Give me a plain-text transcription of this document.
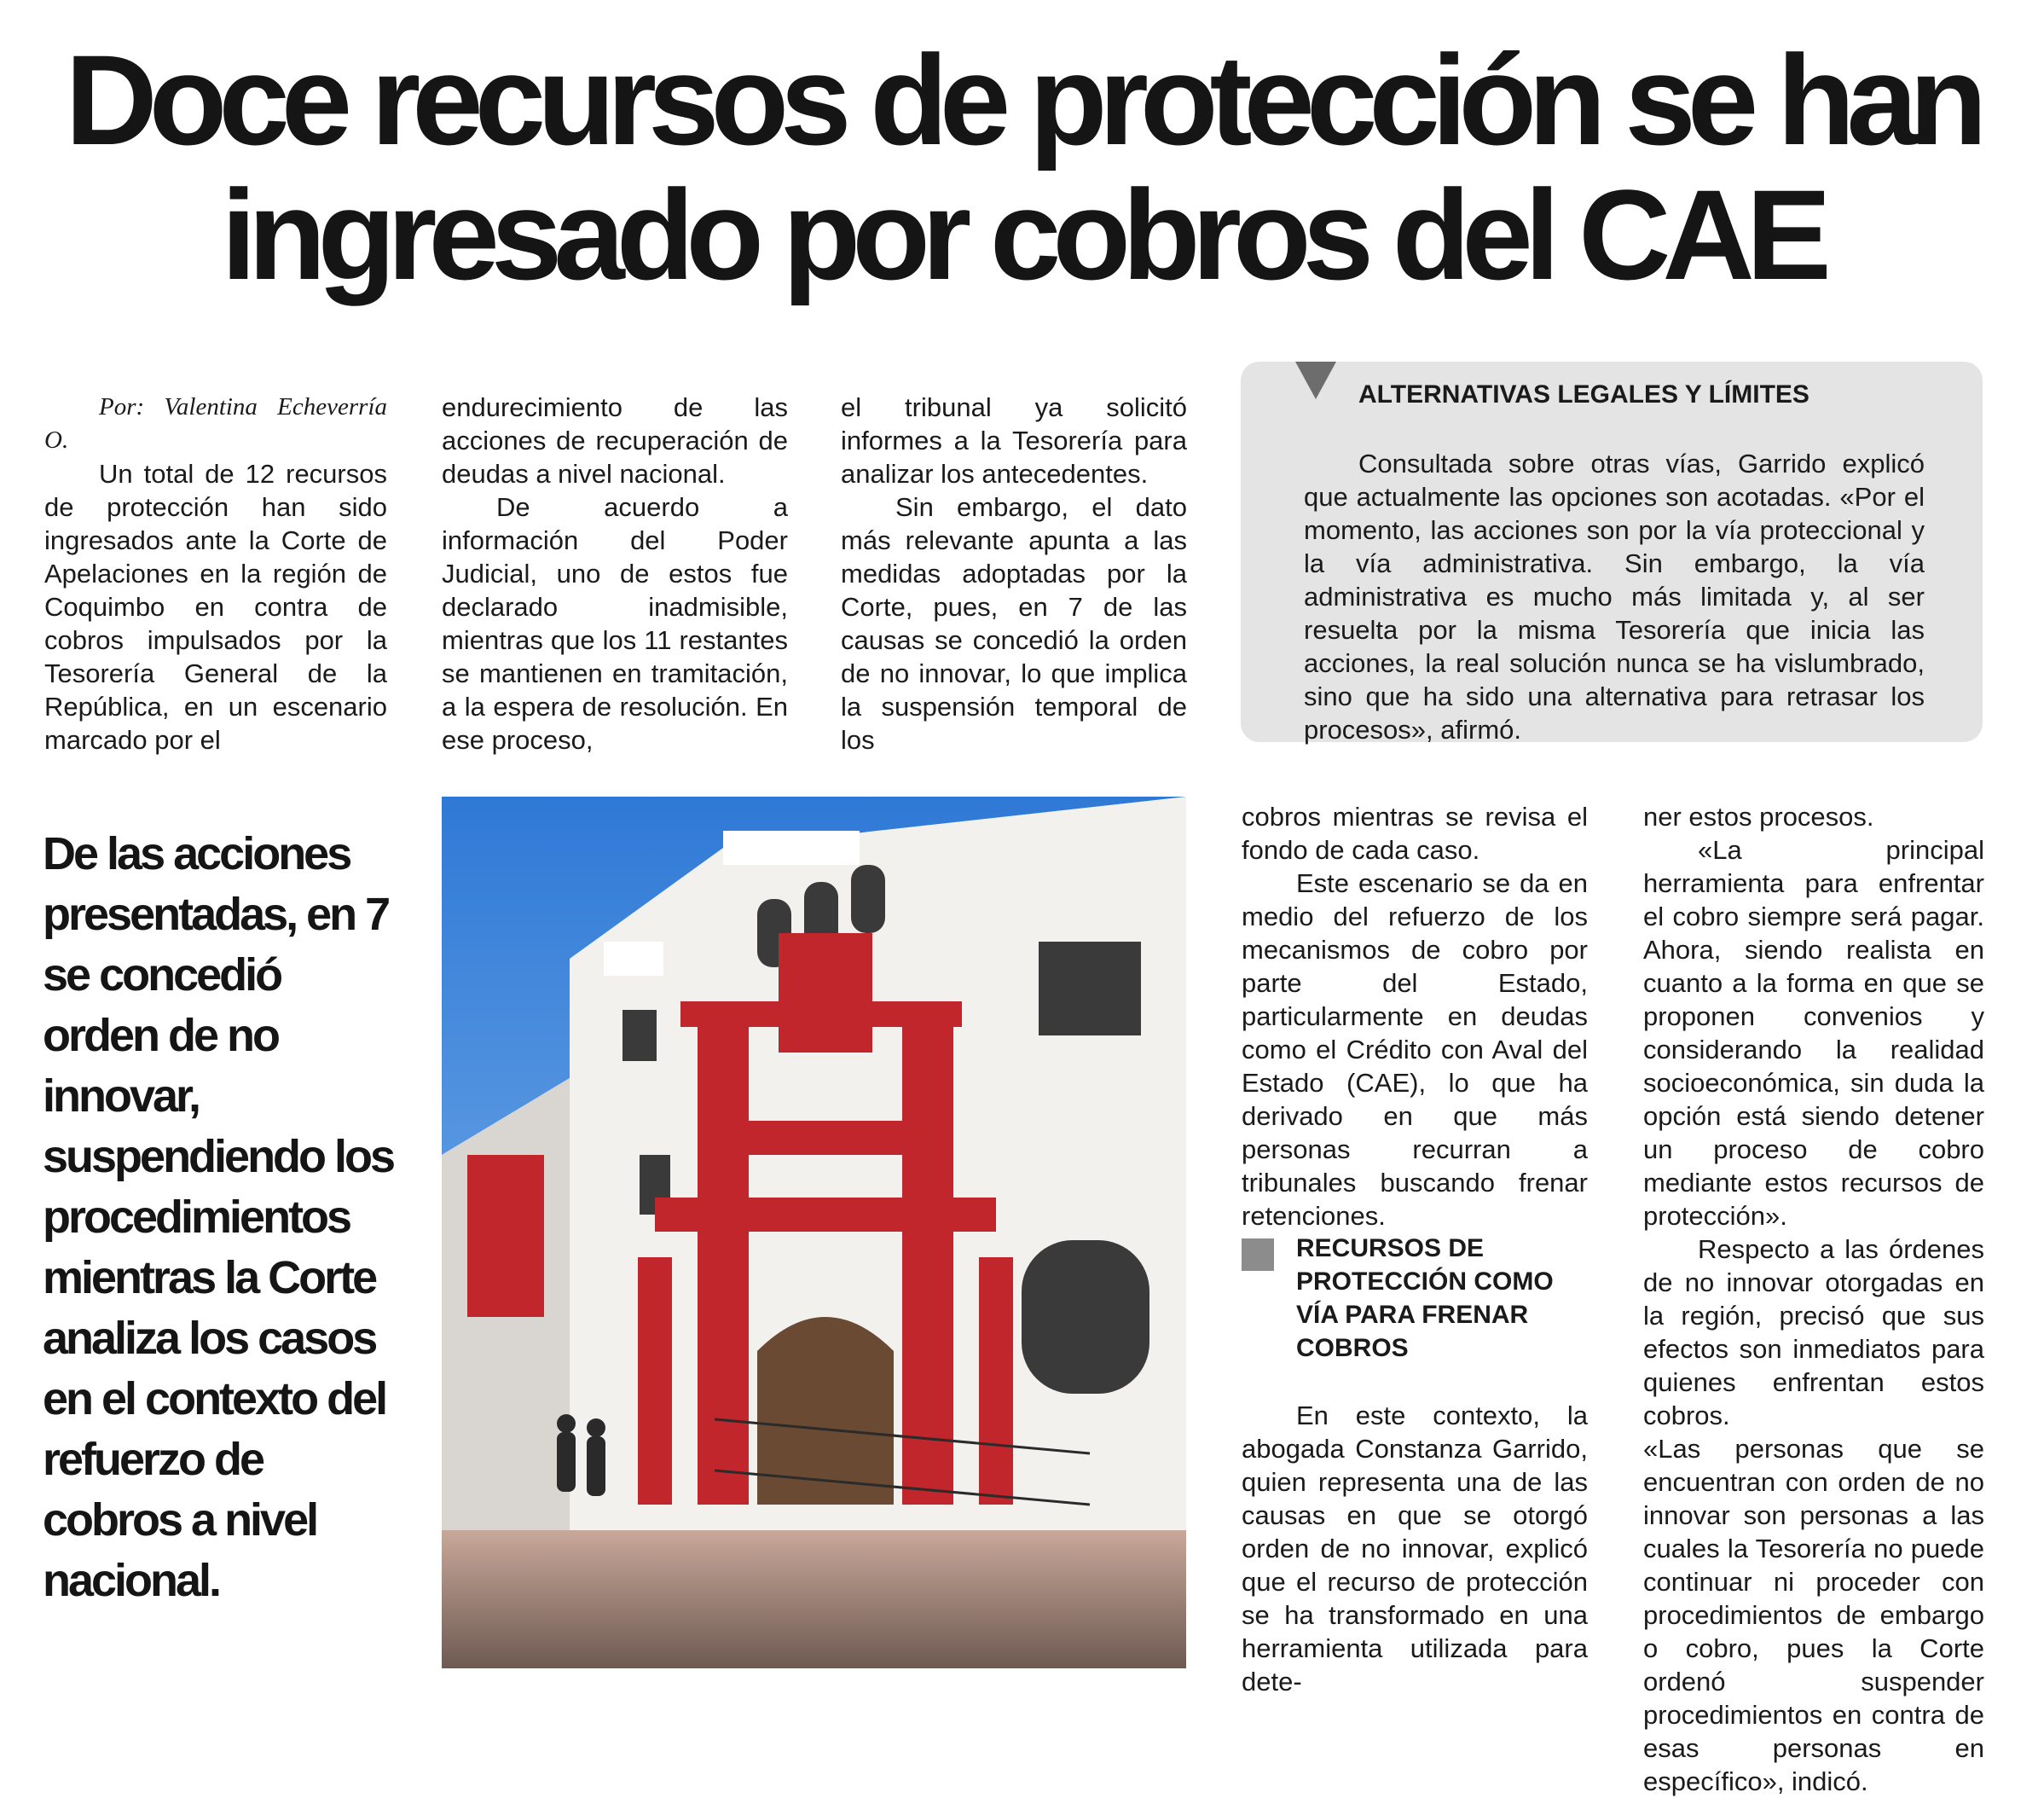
Doce recursos de protección se han
ingresado por cobros del CAE

Por: Valentina Echeverría O.

Un total de 12 recursos de protección han sido ingresados ante la Corte de Apelaciones en la región de Coquimbo en contra de cobros impulsados por la Tesorería General de la República, en un escenario marcado por el

endurecimiento de las acciones de recuperación de deudas a nivel nacional.

De acuerdo a información del Poder Judicial, uno de estos fue declarado inadmisible, mientras que los 11 restantes se mantienen en tramitación, a la espera de resolución. En ese proceso,

el tribunal ya solicitó informes a la Tesorería para analizar los antecedentes.

Sin embargo, el dato más relevante apunta a las medidas adoptadas por la Corte, pues, en 7 de las causas se concedió la orden de no innovar, lo que implica la suspensión temporal de los

ALTERNATIVAS LEGALES Y LÍMITES

Consultada sobre otras vías, Garrido explicó que actualmente las opciones son acotadas. «Por el momento, las acciones son por la vía proteccional y la vía administrativa. Sin embargo, la vía administrativa es mucho más limitada y, al ser resuelta por la misma Tesorería que inicia las acciones, la real solución nunca se ha vislumbrado, sino que ha sido una alternativa para retrasar los procesos», afirmó.

De las acciones presentadas, en 7 se concedió orden de no innovar, suspendiendo los procedimientos mientras la Corte analiza los casos en el contexto del refuerzo de cobros a nivel nacional.

cobros mientras se revisa el fondo de cada caso.

Este escenario se da en medio del refuerzo de los mecanismos de cobro por parte del Estado, particularmente en deudas como el Crédito con Aval del Estado (CAE), lo que ha derivado en que más personas recurran a tribunales buscando frenar retenciones.

RECURSOS DE
PROTECCIÓN COMO
VÍA PARA FRENAR
COBROS

En este contexto, la abogada Constanza Garrido, quien representa una de las causas en que se otorgó orden de no innovar, explicó que el recurso de protección se ha transformado en una herramienta utilizada para dete-

ner estos procesos.

«La principal herramienta para enfrentar el cobro siempre será pagar. Ahora, siendo realista en cuanto a la forma en que se proponen convenios y considerando la realidad socioeconómica, sin duda la opción está siendo detener un proceso de cobro mediante estos recursos de protección».

Respecto a las órdenes de no innovar otorgadas en la región, precisó que sus efectos son inmediatos para quienes enfrentan estos cobros.

«Las personas que se encuentran con orden de no innovar son personas a las cuales la Tesorería no puede continuar ni proceder con procedimientos de embargo o cobro, pues la Corte ordenó suspender procedimientos en contra de esas personas en específico», indicó.
